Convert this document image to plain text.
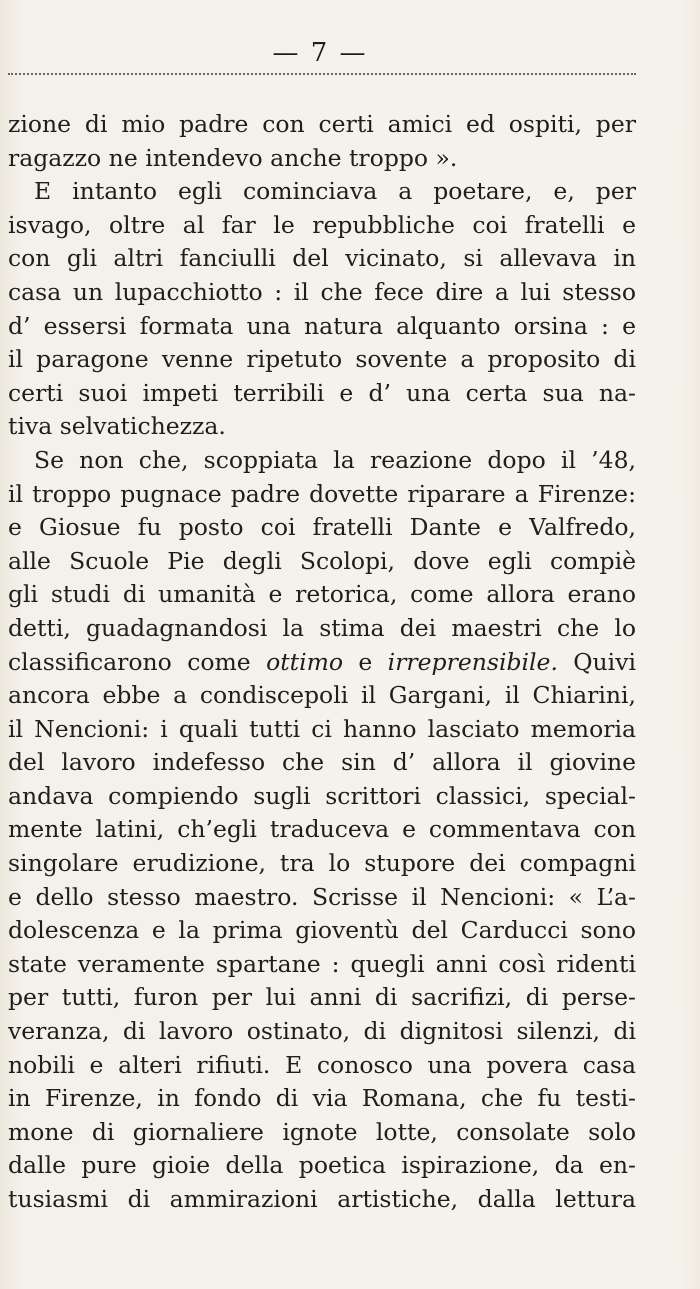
— 7 —
zione di mio padre con certi amici ed ospiti, per
ragazzo ne intendevo anche troppo ».
E intanto egli cominciava a poetare, e, per
isvago, oltre al far le repubbliche coi fratelli e
con gli altri fanciulli del vicinato, si allevava in
casa un lupacchiotto : il che fece dire a lui stesso
d’ essersi formata una natura alquanto orsina : e
il paragone venne ripetuto sovente a proposito di
certi suoi impeti terribili e d’ una certa sua na-
tiva selvatichezza.
Se non che, scoppiata la reazione dopo il ’48,
il troppo pugnace padre dovette riparare a Firenze:
e Giosue fu posto coi fratelli Dante e Valfredo,
alle Scuole Pie degli Scolopi, dove egli compiè
gli studi di umanità e retorica, come allora erano
detti, guadagnandosi la stima dei maestri che lo
classificarono come ottimo e irreprensibile. Quivi
ancora ebbe a condiscepoli il Gargani, il Chiarini,
il Nencioni: i quali tutti ci hanno lasciato memoria
del lavoro indefesso che sin d’ allora il giovine
andava compiendo sugli scrittori classici, special-
mente latini, ch’egli traduceva e commentava con
singolare erudizione, tra lo stupore dei compagni
e dello stesso maestro. Scrisse il Nencioni: « L’a-
dolescenza e la prima gioventù del Carducci sono
state veramente spartane : quegli anni così ridenti
per tutti, furon per lui anni di sacrifizi, di perse-
veranza, di lavoro ostinato, di dignitosi silenzi, di
nobili e alteri rifiuti. E conosco una povera casa
in Firenze, in fondo di via Romana, che fu testi-
mone di giornaliere ignote lotte, consolate solo
dalle pure gioie della poetica ispirazione, da en-
tusiasmi di ammirazioni artistiche, dalla lettura
